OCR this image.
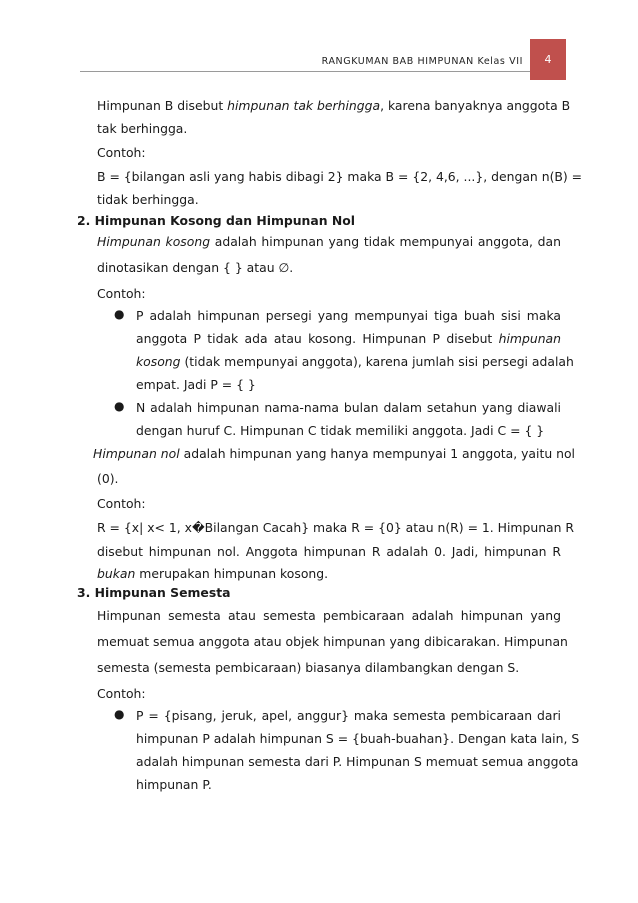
RANGKUMAN BAB HIMPUNAN Kelas VII	4
Himpunan B disebut himpunan tak berhingga, karena banyaknya anggota B
tak berhingga.
Contoh:
B = {bilangan asli yang habis dibagi 2} maka B = {2, 4,6, ...}, dengan n(B) =
tidak berhingga.
2. Himpunan Kosong dan Himpunan Nol
Himpunan kosong adalah himpunan yang tidak mempunyai anggota, dan
dinotasikan dengan { } atau ∅.
Contoh:
● P adalah himpunan persegi yang mempunyai tiga buah sisi maka
anggota P tidak ada atau kosong. Himpunan P disebut himpunan
kosong (tidak mempunyai anggota), karena jumlah sisi persegi adalah
empat. Jadi P = { }
● N adalah himpunan nama-nama bulan dalam setahun yang diawali
dengan huruf C. Himpunan C tidak memiliki anggota. Jadi C = { }
Himpunan nol adalah himpunan yang hanya mempunyai 1 anggota, yaitu nol
(0).
Contoh:
R = {x| x< 1, x�Bilangan Cacah} maka R = {0} atau n(R) = 1. Himpunan R
disebut himpunan nol. Anggota himpunan R adalah 0. Jadi, himpunan R
bukan merupakan himpunan kosong.
3. Himpunan Semesta
Himpunan semesta atau semesta pembicaraan adalah himpunan yang
memuat semua anggota atau objek himpunan yang dibicarakan. Himpunan
semesta (semesta pembicaraan) biasanya dilambangkan dengan S.
Contoh:
● P = {pisang, jeruk, apel, anggur} maka semesta pembicaraan dari
himpunan P adalah himpunan S = {buah-buahan}. Dengan kata lain, S
adalah himpunan semesta dari P. Himpunan S memuat semua anggota
himpunan P.
